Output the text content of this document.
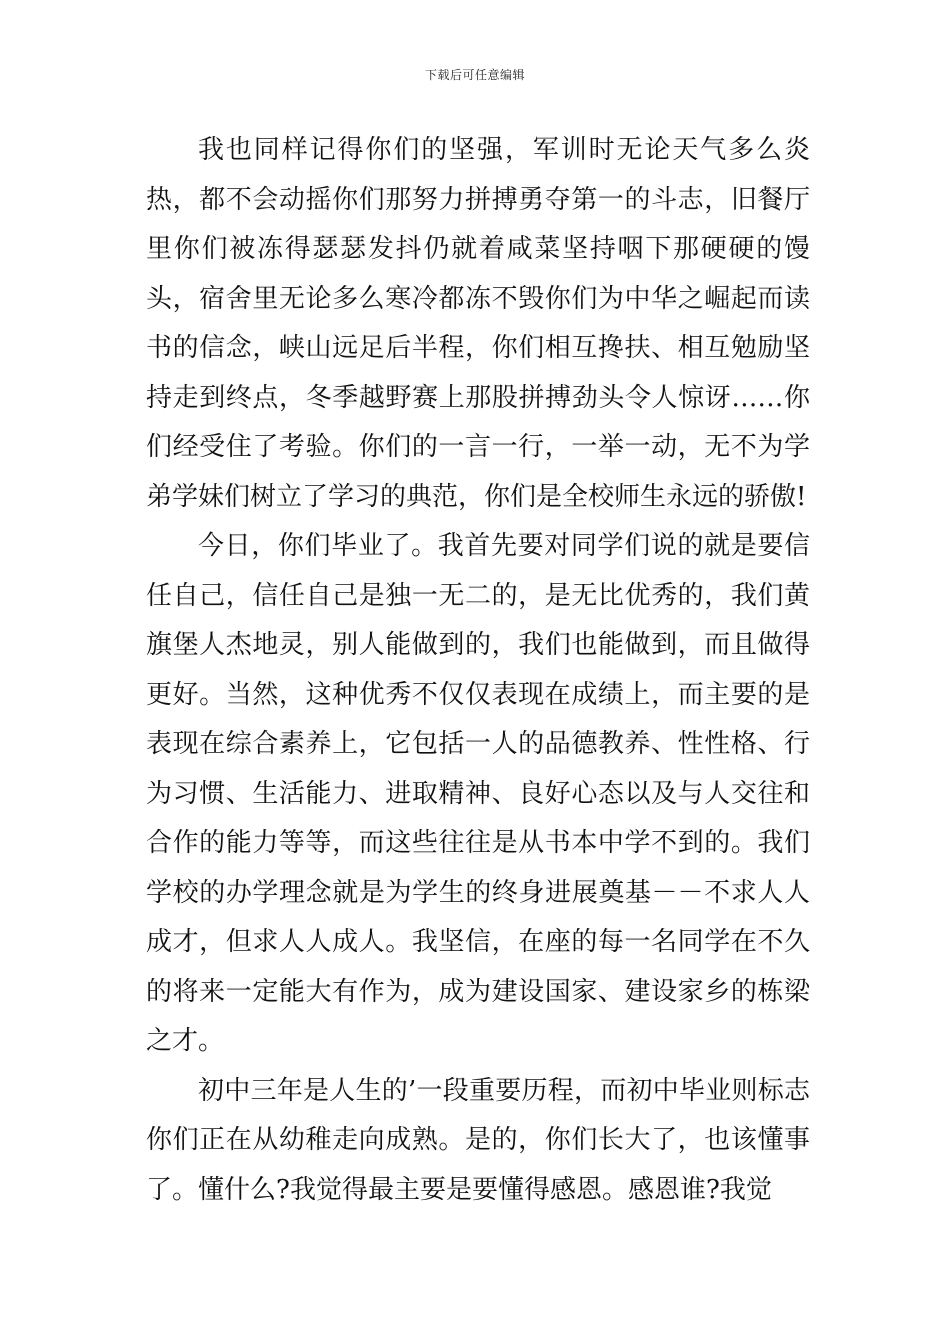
下载后可任意编辑

我也同样记得你们的坚强，军训时无论天气多么炎热，都不会动摇你们那努力拼搏勇夺第一的斗志，旧餐厅里你们被冻得瑟瑟发抖仍就着咸菜坚持咽下那硬硬的馒头，宿舍里无论多么寒冷都冻不毁你们为中华之崛起而读书的信念，峡山远足后半程，你们相互搀扶、相互勉励坚持走到终点，冬季越野赛上那股拼搏劲头令人惊讶……你们经受住了考验。你们的一言一行，一举一动，无不为学弟学妹们树立了学习的典范，你们是全校师生永远的骄傲!

今日，你们毕业了。我首先要对同学们说的就是要信任自己，信任自己是独一无二的，是无比优秀的，我们黄旗堡人杰地灵，别人能做到的，我们也能做到，而且做得更好。当然，这种优秀不仅仅表现在成绩上，而主要的是表现在综合素养上，它包括一人的品德教养、性性格、行为习惯、生活能力、进取精神、良好心态以及与人交往和合作的能力等等，而这些往往是从书本中学不到的。我们学校的办学理念就是为学生的终身进展奠基－－不求人人成才，但求人人成人。我坚信，在座的每一名同学在不久的将来一定能大有作为，成为建设国家、建设家乡的栋梁之才。

初中三年是人生的’一段重要历程，而初中毕业则标志你们正在从幼稚走向成熟。是的，你们长大了，也该懂事了。懂什么?我觉得最主要是要懂得感恩。感恩谁?我觉
